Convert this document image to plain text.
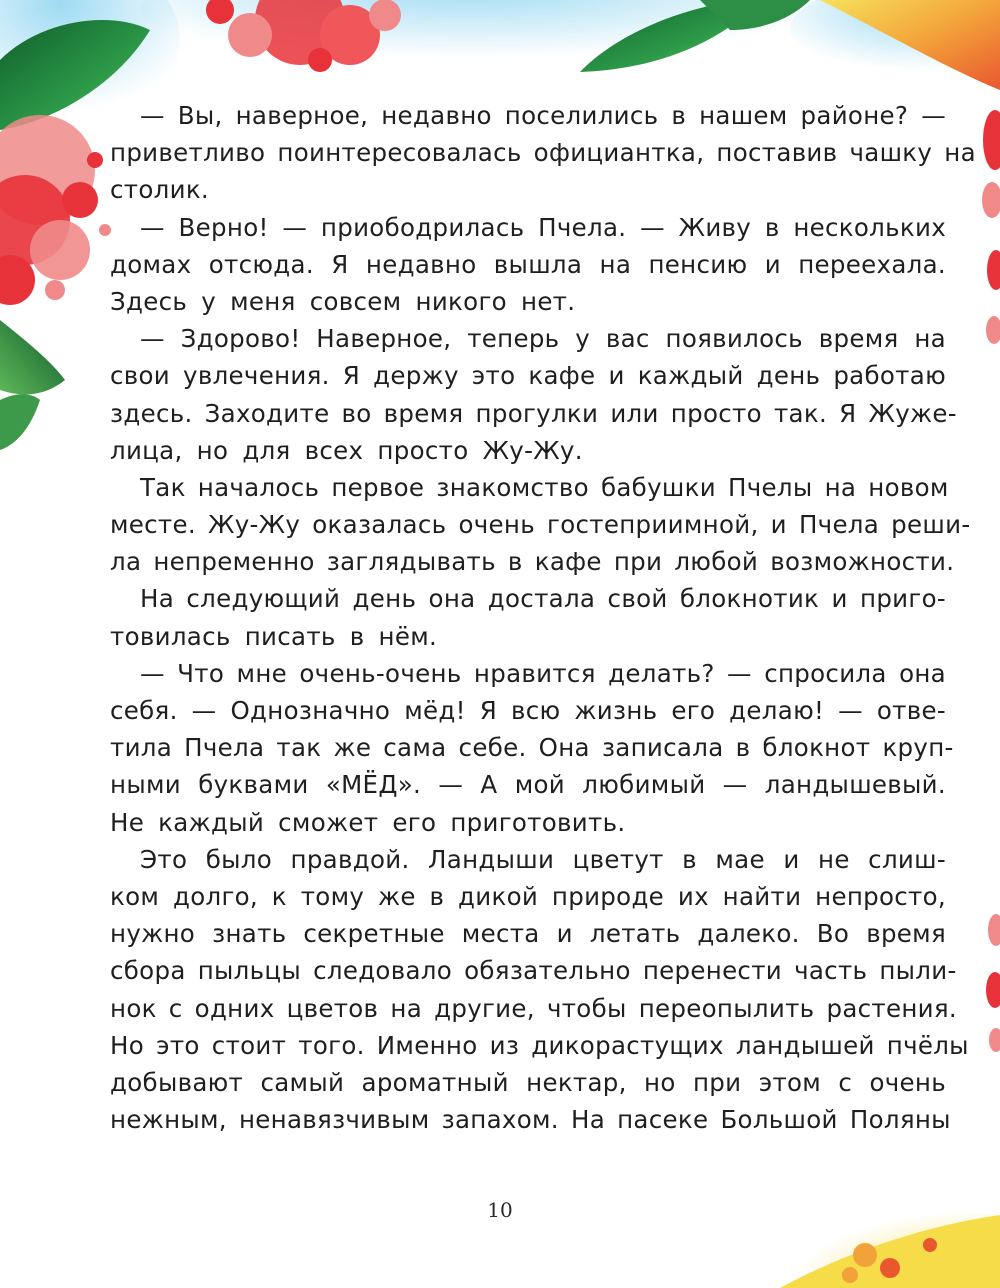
— Вы, наверное, недавно поселились в нашем районе? —
приветливо поинтересовалась официантка, поставив чашку на
столик.
— Верно! — приободрилась Пчела. — Живу в нескольких
домах отсюда. Я недавно вышла на пенсию и переехала.
Здесь у меня совсем никого нет.
— Здорово! Наверное, теперь у вас появилось время на
свои увлечения. Я держу это кафе и каждый день работаю
здесь. Заходите во время прогулки или просто так. Я Жуже-
лица, но для всех просто Жу-Жу.
Так началось первое знакомство бабушки Пчелы на новом
месте. Жу-Жу оказалась очень гостеприимной, и Пчела реши-
ла непременно заглядывать в кафе при любой возможности.
На следующий день она достала свой блокнотик и приго-
товилась писать в нём.
— Что мне очень-очень нравится делать? — спросила она
себя. — Однозначно мёд! Я всю жизнь его делаю! — отве-
тила Пчела так же сама себе. Она записала в блокнот круп-
ными буквами «МЁД». — А мой любимый — ландышевый.
Не каждый сможет его приготовить.
Это было правдой. Ландыши цветут в мае и не слиш-
ком долго, к тому же в дикой природе их найти непросто,
нужно знать секретные места и летать далеко. Во время
сбора пыльцы следовало обязательно перенести часть пыли-
нок с одних цветов на другие, чтобы переопылить растения.
Но это стоит того. Именно из дикорастущих ландышей пчёлы
добывают самый ароматный нектар, но при этом с очень
нежным, ненавязчивым запахом. На пасеке Большой Поляны
10
